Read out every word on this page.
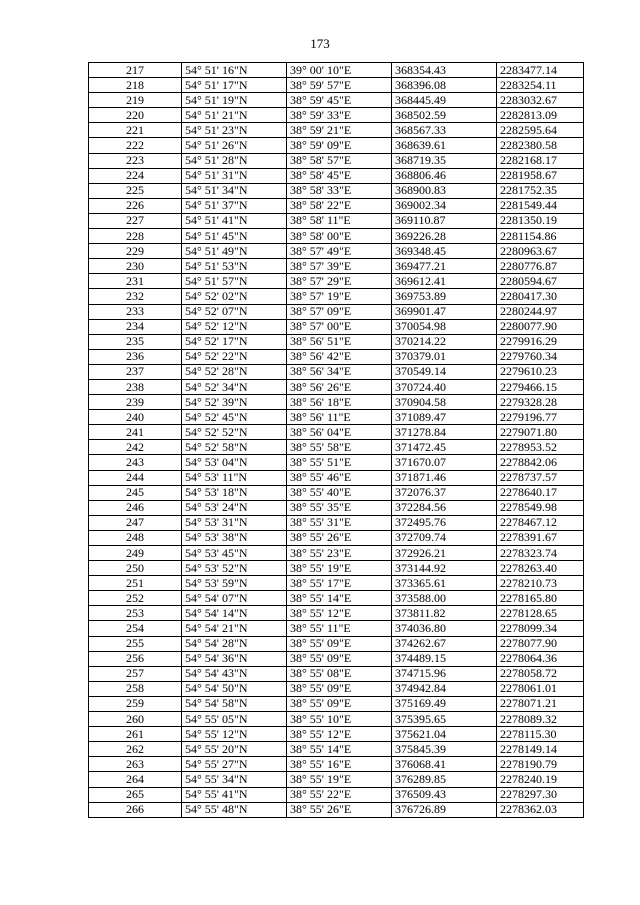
173
217	54° 51' 16"N	39° 00' 10"E	368354.43	2283477.14
218	54° 51' 17"N	38° 59' 57"E	368396.08	2283254.11
219	54° 51' 19"N	38° 59' 45"E	368445.49	2283032.67
220	54° 51' 21"N	38° 59' 33"E	368502.59	2282813.09
221	54° 51' 23"N	38° 59' 21"E	368567.33	2282595.64
222	54° 51' 26"N	38° 59' 09"E	368639.61	2282380.58
223	54° 51' 28"N	38° 58' 57"E	368719.35	2282168.17
224	54° 51' 31"N	38° 58' 45"E	368806.46	2281958.67
225	54° 51' 34"N	38° 58' 33"E	368900.83	2281752.35
226	54° 51' 37"N	38° 58' 22"E	369002.34	2281549.44
227	54° 51' 41"N	38° 58' 11"E	369110.87	2281350.19
228	54° 51' 45"N	38° 58' 00"E	369226.28	2281154.86
229	54° 51' 49"N	38° 57' 49"E	369348.45	2280963.67
230	54° 51' 53"N	38° 57' 39"E	369477.21	2280776.87
231	54° 51' 57"N	38° 57' 29"E	369612.41	2280594.67
232	54° 52' 02"N	38° 57' 19"E	369753.89	2280417.30
233	54° 52' 07"N	38° 57' 09"E	369901.47	2280244.97
234	54° 52' 12"N	38° 57' 00"E	370054.98	2280077.90
235	54° 52' 17"N	38° 56' 51"E	370214.22	2279916.29
236	54° 52' 22"N	38° 56' 42"E	370379.01	2279760.34
237	54° 52' 28"N	38° 56' 34"E	370549.14	2279610.23
238	54° 52' 34"N	38° 56' 26"E	370724.40	2279466.15
239	54° 52' 39"N	38° 56' 18"E	370904.58	2279328.28
240	54° 52' 45"N	38° 56' 11"E	371089.47	2279196.77
241	54° 52' 52"N	38° 56' 04"E	371278.84	2279071.80
242	54° 52' 58"N	38° 55' 58"E	371472.45	2278953.52
243	54° 53' 04"N	38° 55' 51"E	371670.07	2278842.06
244	54° 53' 11"N	38° 55' 46"E	371871.46	2278737.57
245	54° 53' 18"N	38° 55' 40"E	372076.37	2278640.17
246	54° 53' 24"N	38° 55' 35"E	372284.56	2278549.98
247	54° 53' 31"N	38° 55' 31"E	372495.76	2278467.12
248	54° 53' 38"N	38° 55' 26"E	372709.74	2278391.67
249	54° 53' 45"N	38° 55' 23"E	372926.21	2278323.74
250	54° 53' 52"N	38° 55' 19"E	373144.92	2278263.40
251	54° 53' 59"N	38° 55' 17"E	373365.61	2278210.73
252	54° 54' 07"N	38° 55' 14"E	373588.00	2278165.80
253	54° 54' 14"N	38° 55' 12"E	373811.82	2278128.65
254	54° 54' 21"N	38° 55' 11"E	374036.80	2278099.34
255	54° 54' 28"N	38° 55' 09"E	374262.67	2278077.90
256	54° 54' 36"N	38° 55' 09"E	374489.15	2278064.36
257	54° 54' 43"N	38° 55' 08"E	374715.96	2278058.72
258	54° 54' 50"N	38° 55' 09"E	374942.84	2278061.01
259	54° 54' 58"N	38° 55' 09"E	375169.49	2278071.21
260	54° 55' 05"N	38° 55' 10"E	375395.65	2278089.32
261	54° 55' 12"N	38° 55' 12"E	375621.04	2278115.30
262	54° 55' 20"N	38° 55' 14"E	375845.39	2278149.14
263	54° 55' 27"N	38° 55' 16"E	376068.41	2278190.79
264	54° 55' 34"N	38° 55' 19"E	376289.85	2278240.19
265	54° 55' 41"N	38° 55' 22"E	376509.43	2278297.30
266	54° 55' 48"N	38° 55' 26"E	376726.89	2278362.03
